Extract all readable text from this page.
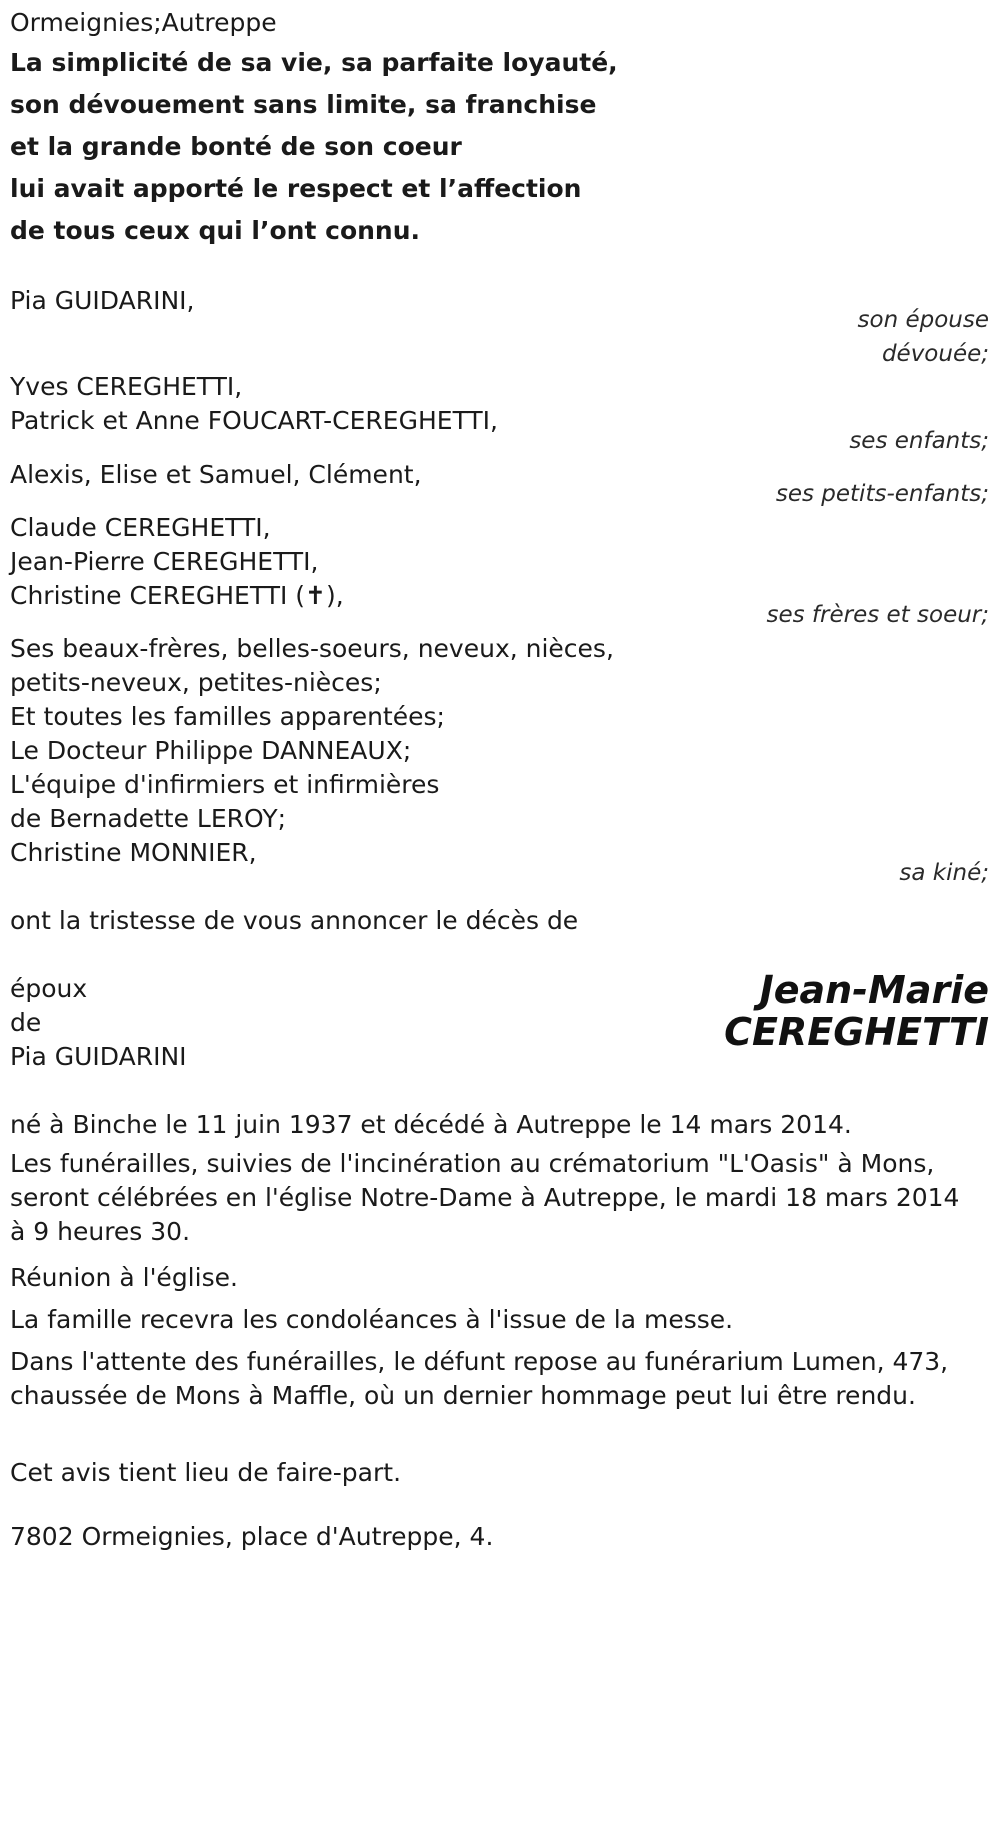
Ormeignies;Autreppe
La simplicité de sa vie, sa parfaite loyauté,
son dévouement sans limite, sa franchise
et la grande bonté de son coeur
lui avait apporté le respect et l’affection
de tous ceux qui l’ont connu.
Pia GUIDARINI,
son épouse
dévouée;
Yves CEREGHETTI,
Patrick et Anne FOUCART-CEREGHETTI,
ses enfants;
Alexis, Elise et Samuel, Clément,
ses petits-enfants;
Claude CEREGHETTI,
Jean-Pierre CEREGHETTI,
Christine CEREGHETTI (✝),
ses frères et soeur;
Ses beaux-frères, belles-soeurs, neveux, nièces,
petits-neveux, petites-nièces;
Et toutes les familles apparentées;
Le Docteur Philippe DANNEAUX;
L'équipe d'infirmiers et infirmières
de Bernadette LEROY;
Christine MONNIER,
sa kiné;
ont la tristesse de vous annoncer le décès de
époux
de
Pia GUIDARINI
Jean-Marie
CEREGHETTI
né à Binche le 11 juin 1937 et décédé à Autreppe le 14 mars 2014.
Les funérailles, suivies de l'incinération au crématorium "L'Oasis" à Mons, seront célébrées en l'église Notre-Dame à Autreppe, le mardi 18 mars 2014 à 9 heures 30.
Réunion à l'église.
La famille recevra les condoléances à l'issue de la messe.
Dans l'attente des funérailles, le défunt repose au funérarium Lumen, 473, chaussée de Mons à Maffle, où un dernier hommage peut lui être rendu.
Cet avis tient lieu de faire-part.
7802 Ormeignies, place d'Autreppe, 4.
